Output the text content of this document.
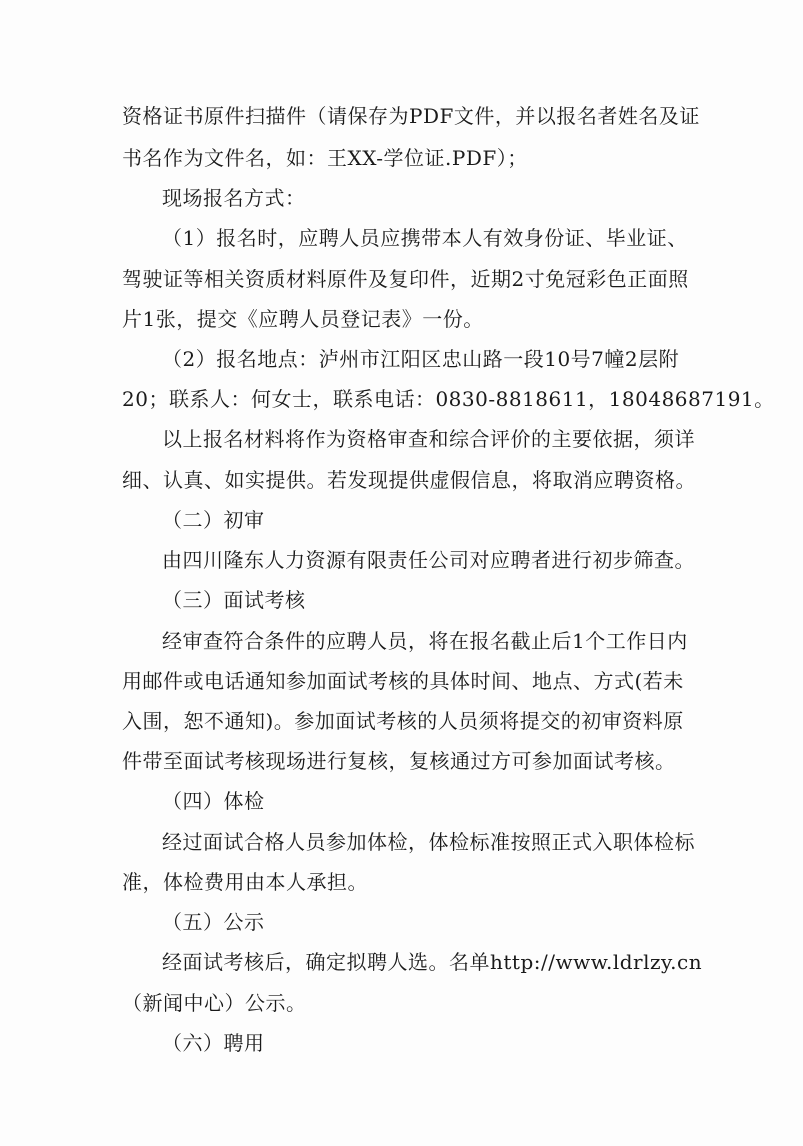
资格证书原件扫描件（请保存为PDF文件，并以报名者姓名及证
书名作为文件名，如：王XX-学位证.PDF）；
现场报名方式：
（1）报名时，应聘人员应携带本人有效身份证、毕业证、
驾驶证等相关资质材料原件及复印件，近期2寸免冠彩色正面照
片1张，提交《应聘人员登记表》一份。
（2）报名地点：泸州市江阳区忠山路一段10号7幢2层附
20；联系人：何女士，联系电话：0830-8818611，18048687191。
以上报名材料将作为资格审查和综合评价的主要依据，须详
细、认真、如实提供。若发现提供虚假信息，将取消应聘资格。
（二）初审
由四川隆东人力资源有限责任公司对应聘者进行初步筛查。
（三）面试考核
经审查符合条件的应聘人员，将在报名截止后1个工作日内
用邮件或电话通知参加面试考核的具体时间、地点、方式(若未
入围，恕不通知)。参加面试考核的人员须将提交的初审资料原
件带至面试考核现场进行复核，复核通过方可参加面试考核。
（四）体检
经过面试合格人员参加体检，体检标准按照正式入职体检标
准，体检费用由本人承担。
（五）公示
经面试考核后，确定拟聘人选。名单http://www.ldrlzy.cn
（新闻中心）公示。
（六）聘用
